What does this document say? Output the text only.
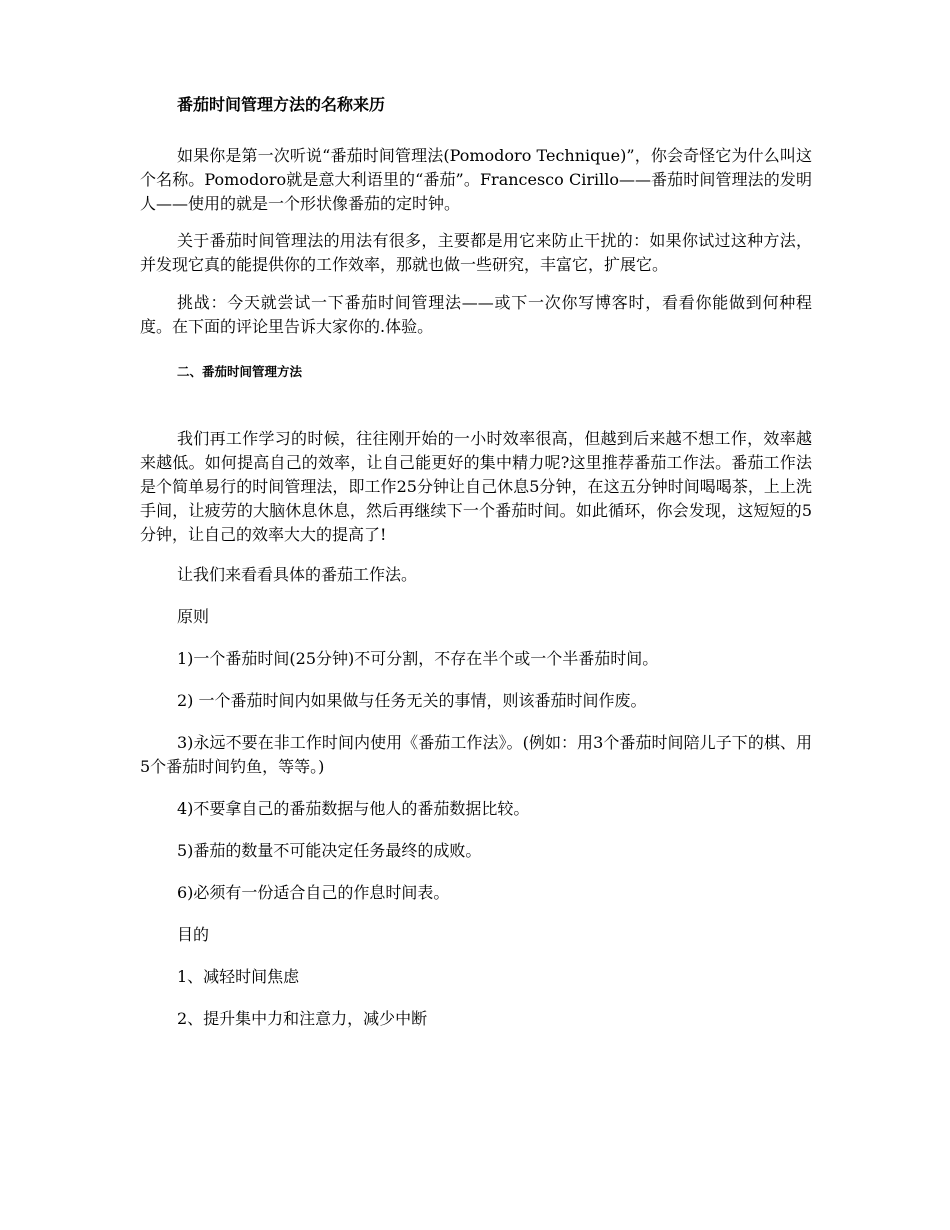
番茄时间管理方法的名称来历

如果你是第一次听说“番茄时间管理法(Pomodoro Technique)”，你会奇怪它为什么叫这个名称。Pomodoro就是意大利语里的“番茄”。Francesco Cirillo——番茄时间管理法的发明人——使用的就是一个形状像番茄的定时钟。

关于番茄时间管理法的用法有很多，主要都是用它来防止干扰的：如果你试过这种方法，并发现它真的能提供你的工作效率，那就也做一些研究，丰富它，扩展它。

挑战：今天就尝试一下番茄时间管理法——或下一次你写博客时，看看你能做到何种程度。在下面的评论里告诉大家你的.体验。

二、番茄时间管理方法

我们再工作学习的时候，往往刚开始的一小时效率很高，但越到后来越不想工作，效率越来越低。如何提高自己的效率，让自己能更好的集中精力呢?这里推荐番茄工作法。番茄工作法是个简单易行的时间管理法，即工作25分钟让自己休息5分钟，在这五分钟时间喝喝茶，上上洗手间，让疲劳的大脑休息休息，然后再继续下一个番茄时间。如此循环，你会发现，这短短的5分钟，让自己的效率大大的提高了!

让我们来看看具体的番茄工作法。

原则

1)一个番茄时间(25分钟)不可分割，不存在半个或一个半番茄时间。

2) 一个番茄时间内如果做与任务无关的事情，则该番茄时间作废。

3)永远不要在非工作时间内使用《番茄工作法》。(例如：用3个番茄时间陪儿子下的棋、用5个番茄时间钓鱼，等等。)

4)不要拿自己的番茄数据与他人的番茄数据比较。

5)番茄的数量不可能决定任务最终的成败。

6)必须有一份适合自己的作息时间表。

目的

1、减轻时间焦虑

2、提升集中力和注意力，减少中断
